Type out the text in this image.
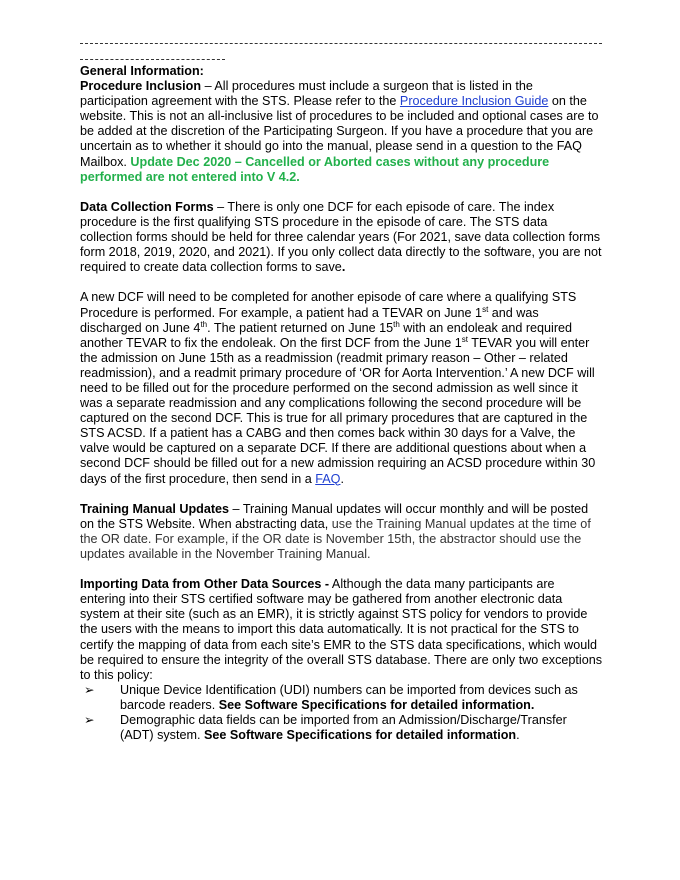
General Information:

Procedure Inclusion – All procedures must include a surgeon that is listed in the participation agreement with the STS. Please refer to the Procedure Inclusion Guide on the website. This is not an all-inclusive list of procedures to be included and optional cases are to be added at the discretion of the Participating Surgeon. If you have a procedure that you are uncertain as to whether it should go into the manual, please send in a question to the FAQ Mailbox. Update Dec 2020 – Cancelled or Aborted cases without any procedure performed are not entered into V 4.2.

Data Collection Forms – There is only one DCF for each episode of care. The index procedure is the first qualifying STS procedure in the episode of care. The STS data collection forms should be held for three calendar years (For 2021, save data collection forms form 2018, 2019, 2020, and 2021). If you only collect data directly to the software, you are not required to create data collection forms to save.

A new DCF will need to be completed for another episode of care where a qualifying STS Procedure is performed. For example, a patient had a TEVAR on June 1st and was discharged on June 4th. The patient returned on June 15th with an endoleak and required another TEVAR to fix the endoleak. On the first DCF from the June 1st TEVAR you will enter the admission on June 15th as a readmission (readmit primary reason – Other – related readmission), and a readmit primary procedure of ‘OR for Aorta Intervention.’ A new DCF will need to be filled out for the procedure performed on the second admission as well since it was a separate readmission and any complications following the second procedure will be captured on the second DCF. This is true for all primary procedures that are captured in the STS ACSD. If a patient has a CABG and then comes back within 30 days for a Valve, the valve would be captured on a separate DCF. If there are additional questions about when a second DCF should be filled out for a new admission requiring an ACSD procedure within 30 days of the first procedure, then send in a FAQ.

Training Manual Updates – Training Manual updates will occur monthly and will be posted on the STS Website. When abstracting data, use the Training Manual updates at the time of the OR date. For example, if the OR date is November 15th, the abstractor should use the updates available in the November Training Manual.

Importing Data from Other Data Sources - Although the data many participants are entering into their STS certified software may be gathered from another electronic data system at their site (such as an EMR), it is strictly against STS policy for vendors to provide the users with the means to import this data automatically. It is not practical for the STS to certify the mapping of data from each site’s EMR to the STS data specifications, which would be required to ensure the integrity of the overall STS database. There are only two exceptions to this policy:

➢ Unique Device Identification (UDI) numbers can be imported from devices such as barcode readers. See Software Specifications for detailed information.
➢ Demographic data fields can be imported from an Admission/Discharge/Transfer (ADT) system. See Software Specifications for detailed information.
